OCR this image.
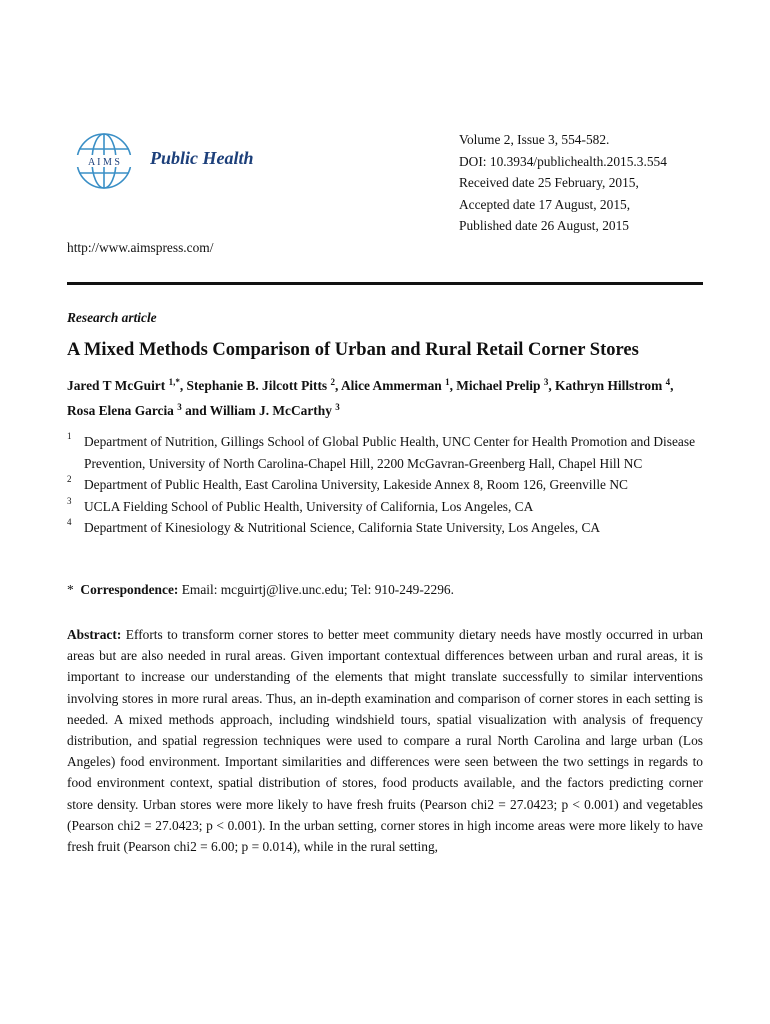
A I M S Public Health
Volume 2, Issue 3, 554-582.
DOI: 10.3934/publichealth.2015.3.554
Received date 25 February, 2015,
Accepted date 17 August, 2015,
Published date 26 August, 2015
http://www.aimspress.com/
Research article
A Mixed Methods Comparison of Urban and Rural Retail Corner Stores
Jared T McGuirt $^{1,*}$, Stephanie B. Jilcott Pitts $^2$, Alice Ammerman $^1$, Michael Prelip $^3$, Kathryn Hillstrom $^4$, Rosa Elena Garcia $^3$ and William J. McCarthy $^3$
1 Department of Nutrition, Gillings School of Global Public Health, UNC Center for Health Promotion and Disease Prevention, University of North Carolina-Chapel Hill, 2200 McGavran-Greenberg Hall, Chapel Hill NC
2 Department of Public Health, East Carolina University, Lakeside Annex 8, Room 126, Greenville NC
3 UCLA Fielding School of Public Health, University of California, Los Angeles, CA
4 Department of Kinesiology & Nutritional Science, California State University, Los Angeles, CA
* Correspondence: Email: mcguirtj@live.unc.edu; Tel: 910-249-2296.
Abstract: Efforts to transform corner stores to better meet community dietary needs have mostly occurred in urban areas but are also needed in rural areas. Given important contextual differences between urban and rural areas, it is important to increase our understanding of the elements that might translate successfully to similar interventions involving stores in more rural areas. Thus, an in-depth examination and comparison of corner stores in each setting is needed. A mixed methods approach, including windshield tours, spatial visualization with analysis of frequency distribution, and spatial regression techniques were used to compare a rural North Carolina and large urban (Los Angeles) food environment. Important similarities and differences were seen between the two settings in regards to food environment context, spatial distribution of stores, food products available, and the factors predicting corner store density. Urban stores were more likely to have fresh fruits (Pearson chi2 = 27.0423; p < 0.001) and vegetables (Pearson chi2 = 27.0423; p < 0.001). In the urban setting, corner stores in high income areas were more likely to have fresh fruit (Pearson chi2 = 6.00; p = 0.014), while in the rural setting,
